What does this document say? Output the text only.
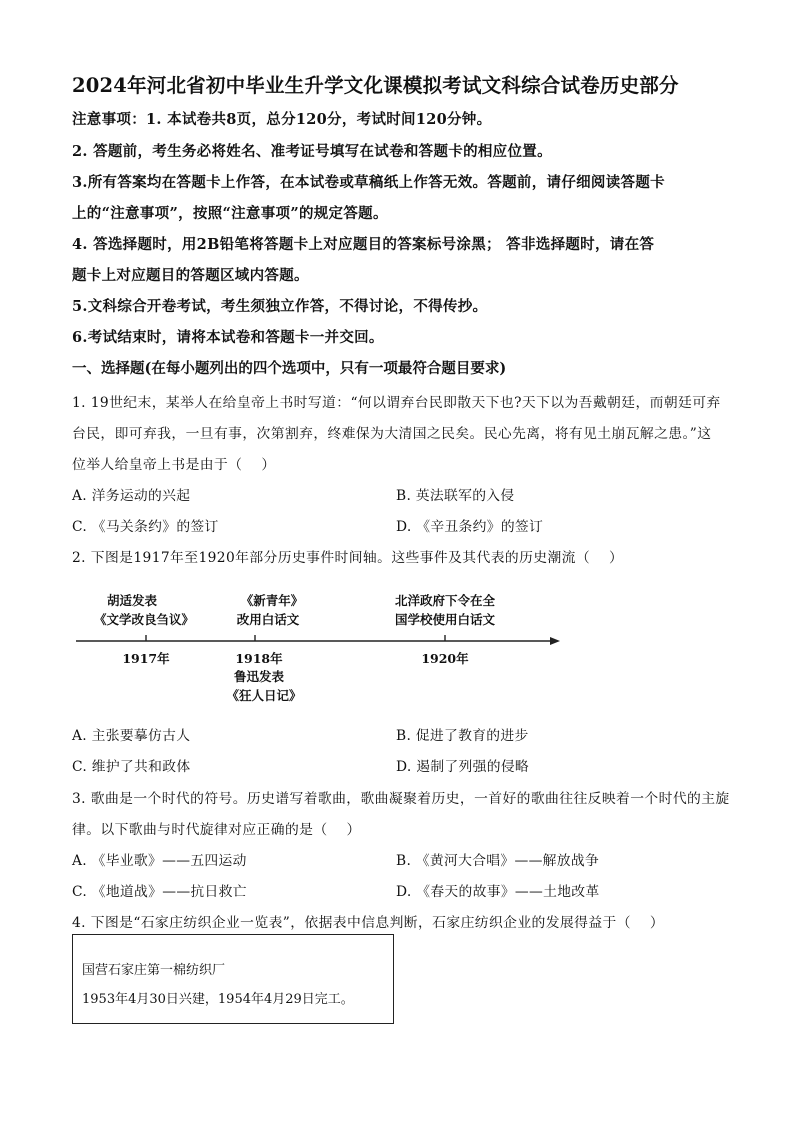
2024年河北省初中毕业生升学文化课模拟考试文科综合试卷历史部分
注意事项：1. 本试卷共8页，总分120分，考试时间120分钟。
2. 答题前，考生务必将姓名、准考证号填写在试卷和答题卡的相应位置。
3.所有答案均在答题卡上作答，在本试卷或草稿纸上作答无效。答题前，请仔细阅读答题卡
上的“注意事项”，按照“注意事项”的规定答题。
4. 答选择题时，用2B铅笔将答题卡上对应题目的答案标号涂黑； 答非选择题时，请在答
题卡上对应题目的答题区域内答题。
5.文科综合开卷考试，考生须独立作答，不得讨论，不得传抄。
6.考试结束时，请将本试卷和答题卡一并交回。
一、选择题(在每小题列出的四个选项中，只有一项最符合题目要求)
1. 19世纪末，某举人在给皇帝上书时写道：“何以谓弃台民即散天下也?天下以为吾戴朝廷，而朝廷可弃
台民，即可弃我，一旦有事，次第割弃，终难保为大清国之民矣。民心先离，将有见土崩瓦解之患。”这
位举人给皇帝上书是由于（　 ）
A. 洋务运动的兴起	B. 英法联军的入侵
C. 《马关条约》的签订	D. 《辛丑条约》的签订
2. 下图是1917年至1920年部分历史事件时间轴。这些事件及其代表的历史潮流（　 ）
胡适发表
《文学改良刍议》
1917年
《新青年》
改用白话文
1918年
鲁迅发表
《狂人日记》
北洋政府下令在全
国学校使用白话文
1920年
A. 主张要摹仿古人	B. 促进了教育的进步
C. 维护了共和政体	D. 遏制了列强的侵略
3. 歌曲是一个时代的符号。历史谱写着歌曲，歌曲凝聚着历史，一首好的歌曲往往反映着一个时代的主旋
律。以下歌曲与时代旋律对应正确的是（　 ）
A. 《毕业歌》——五四运动	B. 《黄河大合唱》——解放战争
C. 《地道战》——抗日救亡	D. 《春天的故事》——土地改革
4. 下图是“石家庄纺织企业一览表”，依据表中信息判断，石家庄纺织企业的发展得益于（　 ）
国营石家庄第一棉纺织厂
1953年4月30日兴建，1954年4月29日完工。
